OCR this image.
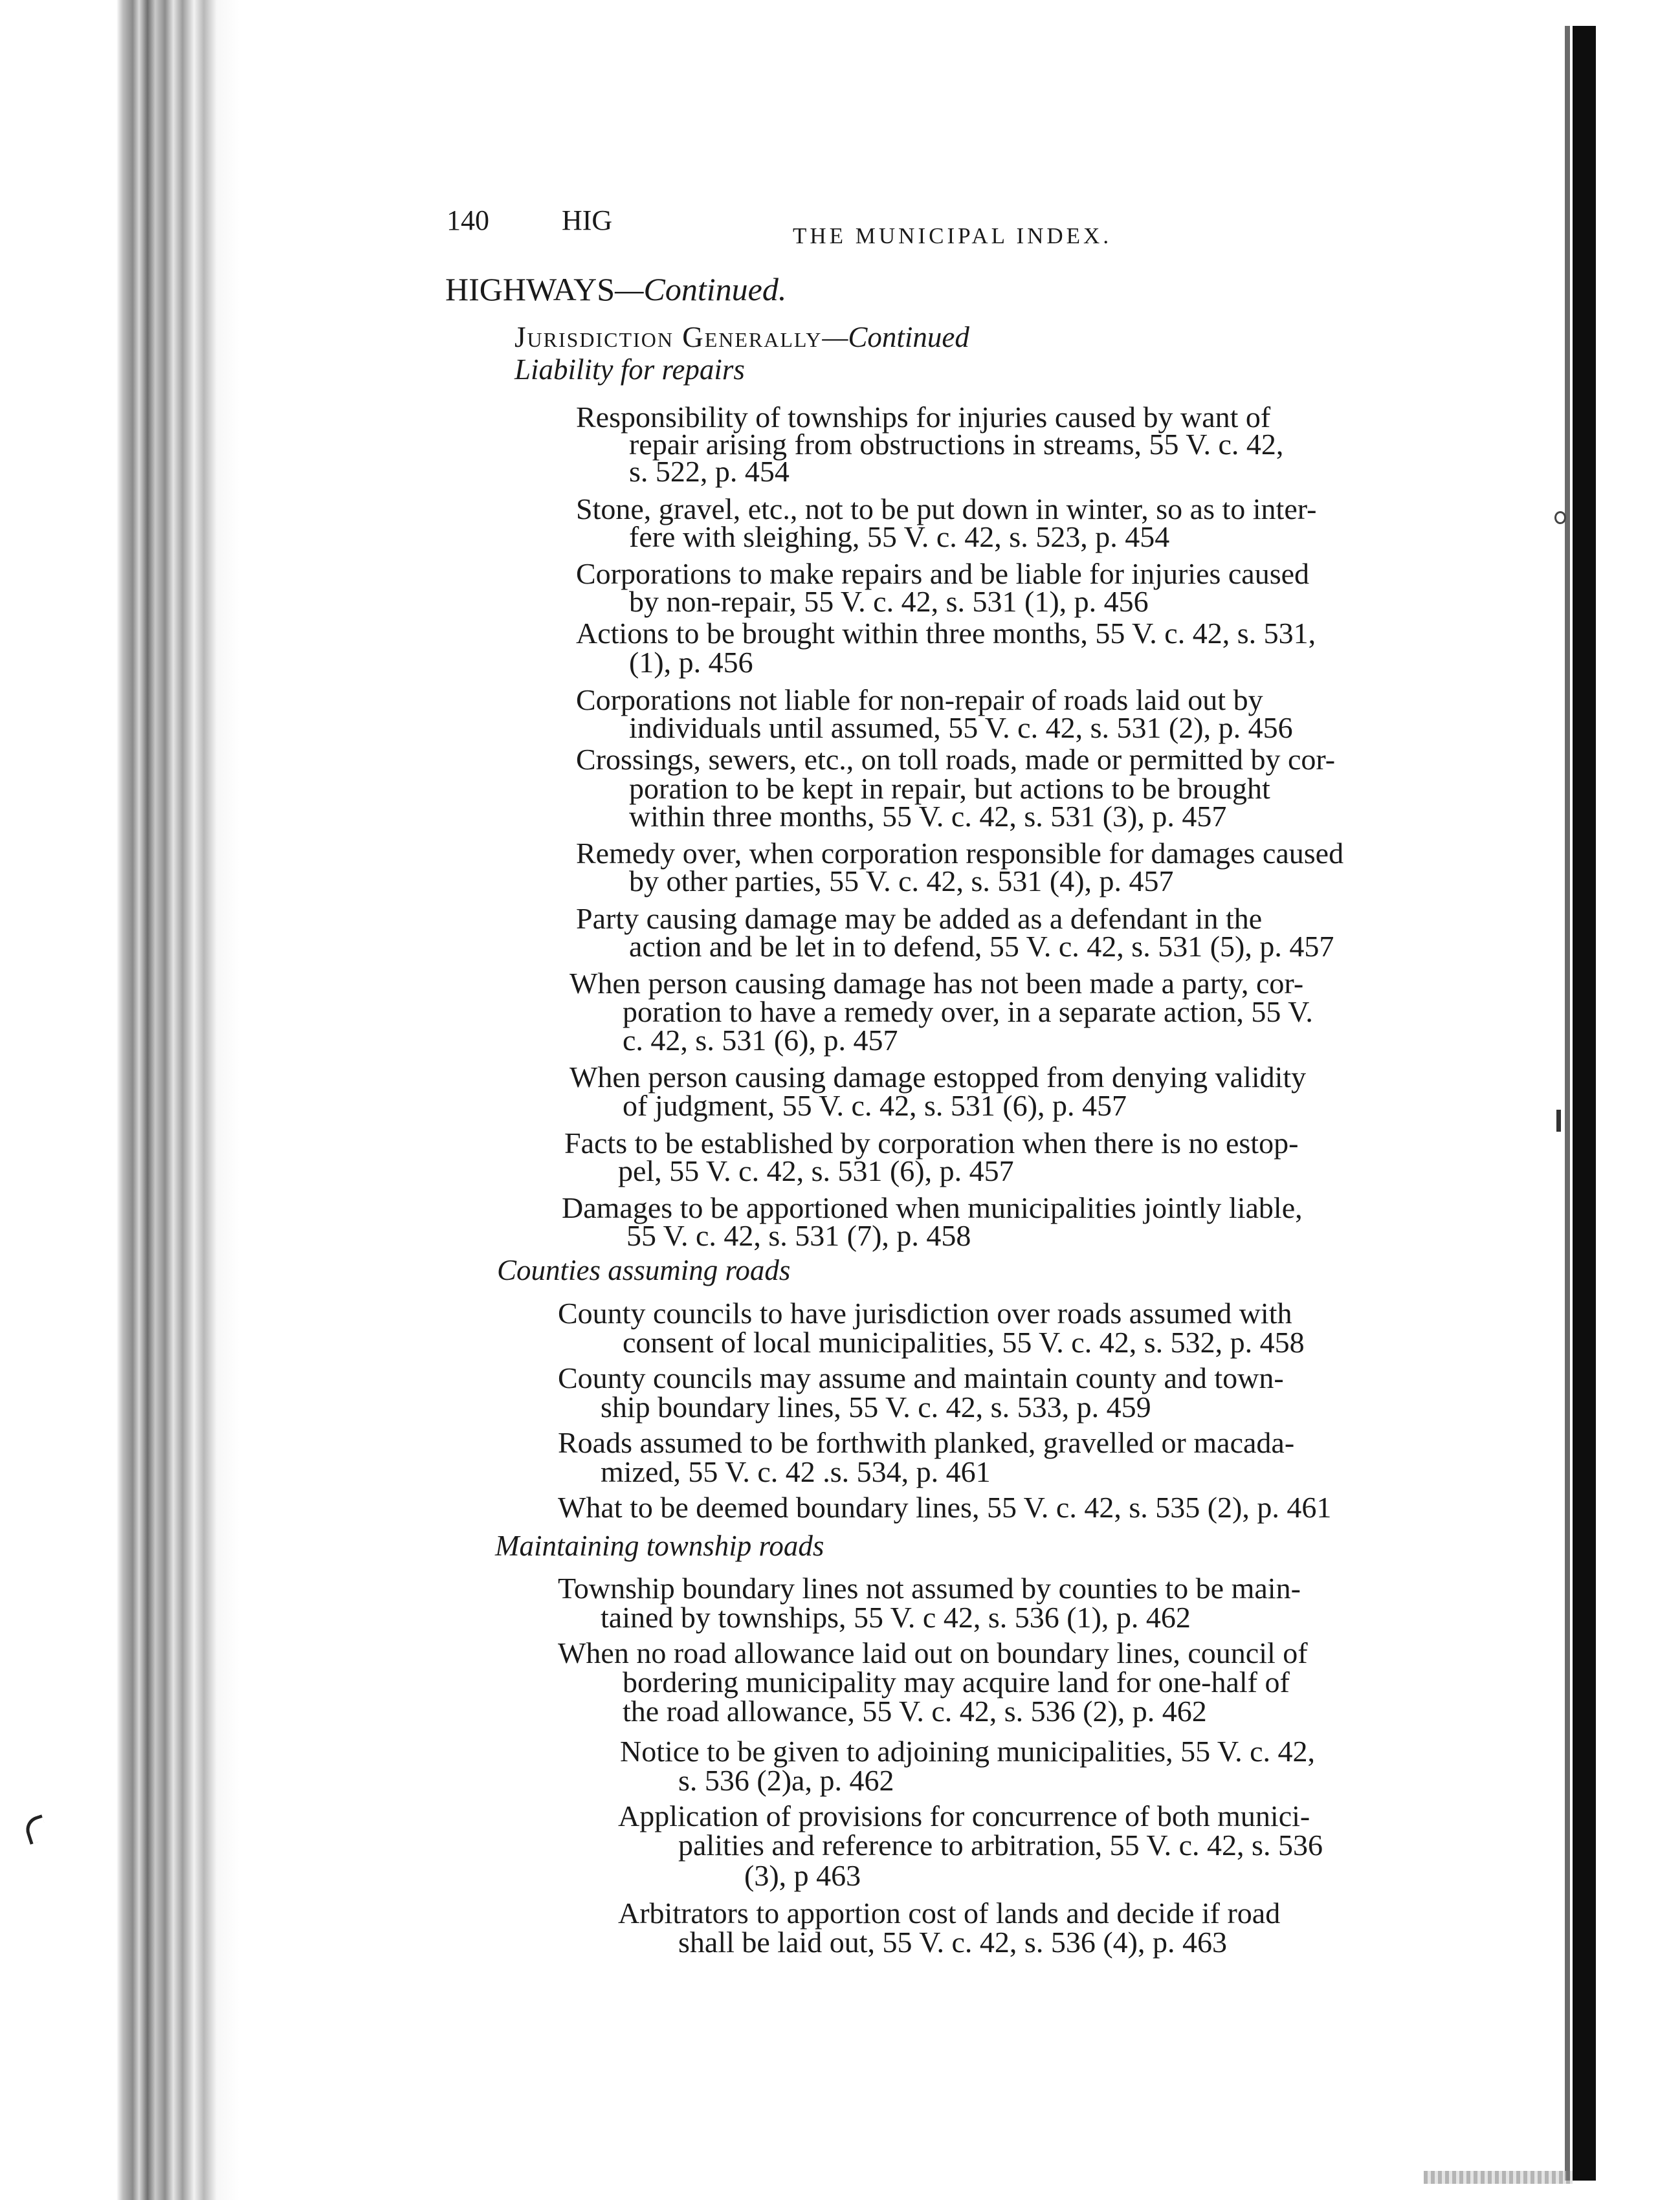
140	HIG	THE MUNICIPAL INDEX.
HIGHWAYS—Continued.
Jurisdiction Generally—Continued
Liability for repairs
Responsibility of townships for injuries caused by want of
repair arising from obstructions in streams, 55 V. c. 42,
s. 522, p. 454
Stone, gravel, etc., not to be put down in winter, so as to inter-
fere with sleighing, 55 V. c. 42, s. 523, p. 454
Corporations to make repairs and be liable for injuries caused
by non-repair, 55 V. c. 42, s. 531 (1), p. 456
Actions to be brought within three months, 55 V. c. 42, s. 531,
(1), p. 456
Corporations not liable for non-repair of roads laid out by
individuals until assumed, 55 V. c. 42, s. 531 (2), p. 456
Crossings, sewers, etc., on toll roads, made or permitted by cor-
poration to be kept in repair, but actions to be brought
within three months, 55 V. c. 42, s. 531 (3), p. 457
Remedy over, when corporation responsible for damages caused
by other parties, 55 V. c. 42, s. 531 (4), p. 457
Party causing damage may be added as a defendant in the
action and be let in to defend, 55 V. c. 42, s. 531 (5), p. 457
When person causing damage has not been made a party, cor-
poration to have a remedy over, in a separate action, 55 V.
c. 42, s. 531 (6), p. 457
When person causing damage estopped from denying validity
of judgment, 55 V. c. 42, s. 531 (6), p. 457
Facts to be established by corporation when there is no estop-
pel, 55 V. c. 42, s. 531 (6), p. 457
Damages to be apportioned when municipalities jointly liable,
55 V. c. 42, s. 531 (7), p. 458
Counties assuming roads
County councils to have jurisdiction over roads assumed with
consent of local municipalities, 55 V. c. 42, s. 532, p. 458
County councils may assume and maintain county and town-
ship boundary lines, 55 V. c. 42, s. 533, p. 459
Roads assumed to be forthwith planked, gravelled or macada-
mized, 55 V. c. 42 .s. 534, p. 461
What to be deemed boundary lines, 55 V. c. 42, s. 535 (2), p. 461
Maintaining township roads
Township boundary lines not assumed by counties to be main-
tained by townships, 55 V. c 42, s. 536 (1), p. 462
When no road allowance laid out on boundary lines, council of
bordering municipality may acquire land for one-half of
the road allowance, 55 V. c. 42, s. 536 (2), p. 462
Notice to be given to adjoining municipalities, 55 V. c. 42,
s. 536 (2)a, p. 462
Application of provisions for concurrence of both munici-
palities and reference to arbitration, 55 V. c. 42, s. 536
(3), p 463
Arbitrators to apportion cost of lands and decide if road
shall be laid out, 55 V. c. 42, s. 536 (4), p. 463
